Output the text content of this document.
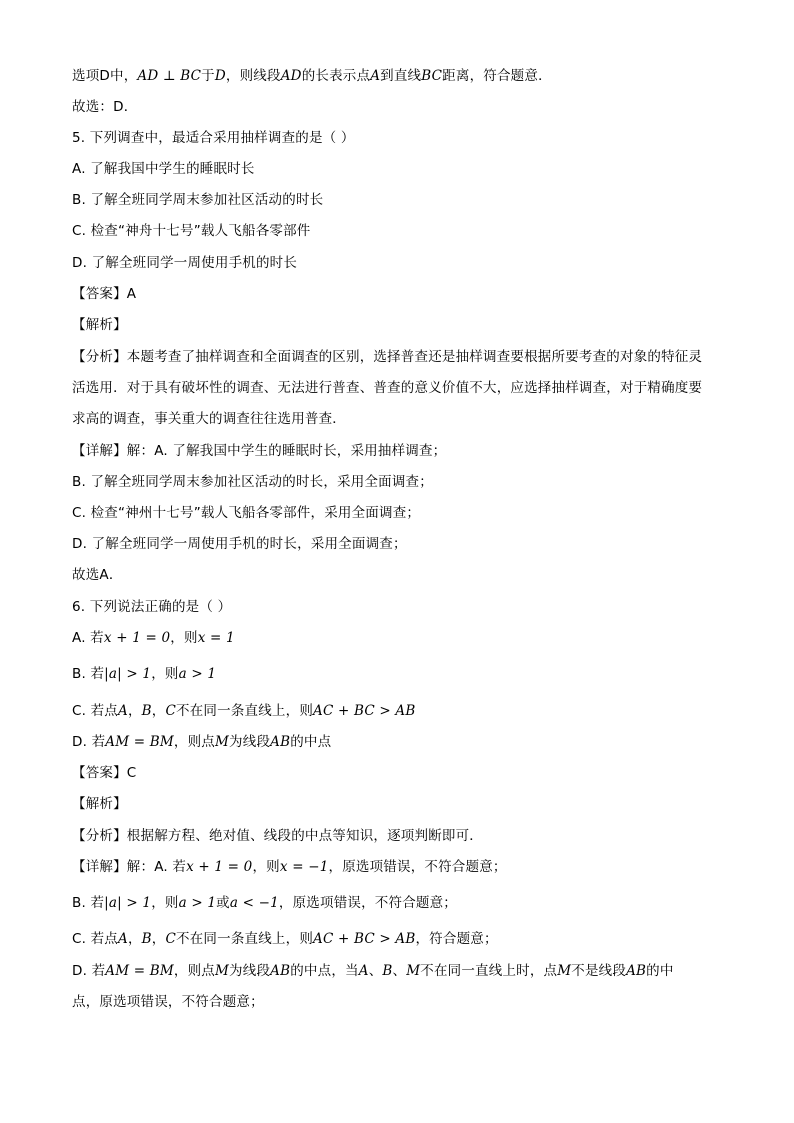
选项D中，AD ⊥ BC于D，则线段AD的长表示点A到直线BC距离，符合题意．
故选：D．
5. 下列调查中，最适合采用抽样调查的是（ ）
A. 了解我国中学生的睡眠时长
B. 了解全班同学周末参加社区活动的时长
C. 检查“神舟十七号”载人飞船各零部件
D. 了解全班同学一周使用手机的时长
【答案】A
【解析】
【分析】本题考查了抽样调查和全面调查的区别，选择普查还是抽样调查要根据所要考查的对象的特征灵
活选用．对于具有破坏性的调查、无法进行普查、普查的意义价值不大，应选择抽样调查，对于精确度要
求高的调查，事关重大的调查往往选用普查．
【详解】解：A. 了解我国中学生的睡眠时长，采用抽样调查；
B. 了解全班同学周末参加社区活动的时长，采用全面调查；
C. 检查“神州十七号”载人飞船各零部件，采用全面调查；
D. 了解全班同学一周使用手机的时长，采用全面调查；
故选A．
6. 下列说法正确的是（ ）
A. 若x + 1 = 0，则x = 1
B. 若|a| > 1，则a > 1
C. 若点A，B，C不在同一条直线上，则AC + BC > AB
D. 若AM = BM，则点M为线段AB的中点
【答案】C
【解析】
【分析】根据解方程、绝对值、线段的中点等知识，逐项判断即可．
【详解】解：A. 若x + 1 = 0，则x = −1，原选项错误，不符合题意；
B. 若|a| > 1，则a > 1或a < −1，原选项错误，不符合题意；
C. 若点A，B，C不在同一条直线上，则AC + BC > AB，符合题意；
D. 若AM = BM，则点M为线段AB的中点，当A、B、M不在同一直线上时，点M不是线段AB的中
点，原选项错误，不符合题意；
